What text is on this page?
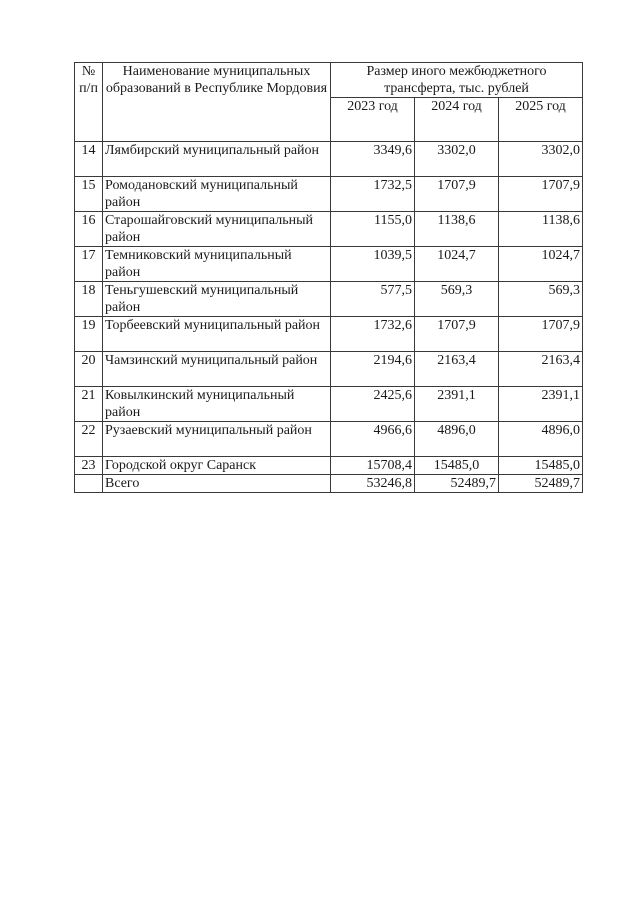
№
п/п	Наименование муниципальных образований в Республике Мордовия	Размер иного межбюджетного трансферта, тыс. рублей		
		2023 год	2024 год	2025 год
14	Лямбирский муниципальный район	3349,6	3302,0	3302,0
15	Ромодановский муниципальный район	1732,5	1707,9	1707,9
16	Старошайговский муниципальный район	1155,0	1138,6	1138,6
17	Темниковский муниципальный район	1039,5	1024,7	1024,7
18	Теньгушевский муниципальный район	577,5	569,3	569,3
19	Торбеевский муниципальный район	1732,6	1707,9	1707,9
20	Чамзинский муниципальный район	2194,6	2163,4	2163,4
21	Ковылкинский муниципальный район	2425,6	2391,1	2391,1
22	Рузаевский муниципальный район	4966,6	4896,0	4896,0
23	Городской округ Саранск	15708,4	15485,0	15485,0
	Всего	53246,8	52489,7	52489,7
